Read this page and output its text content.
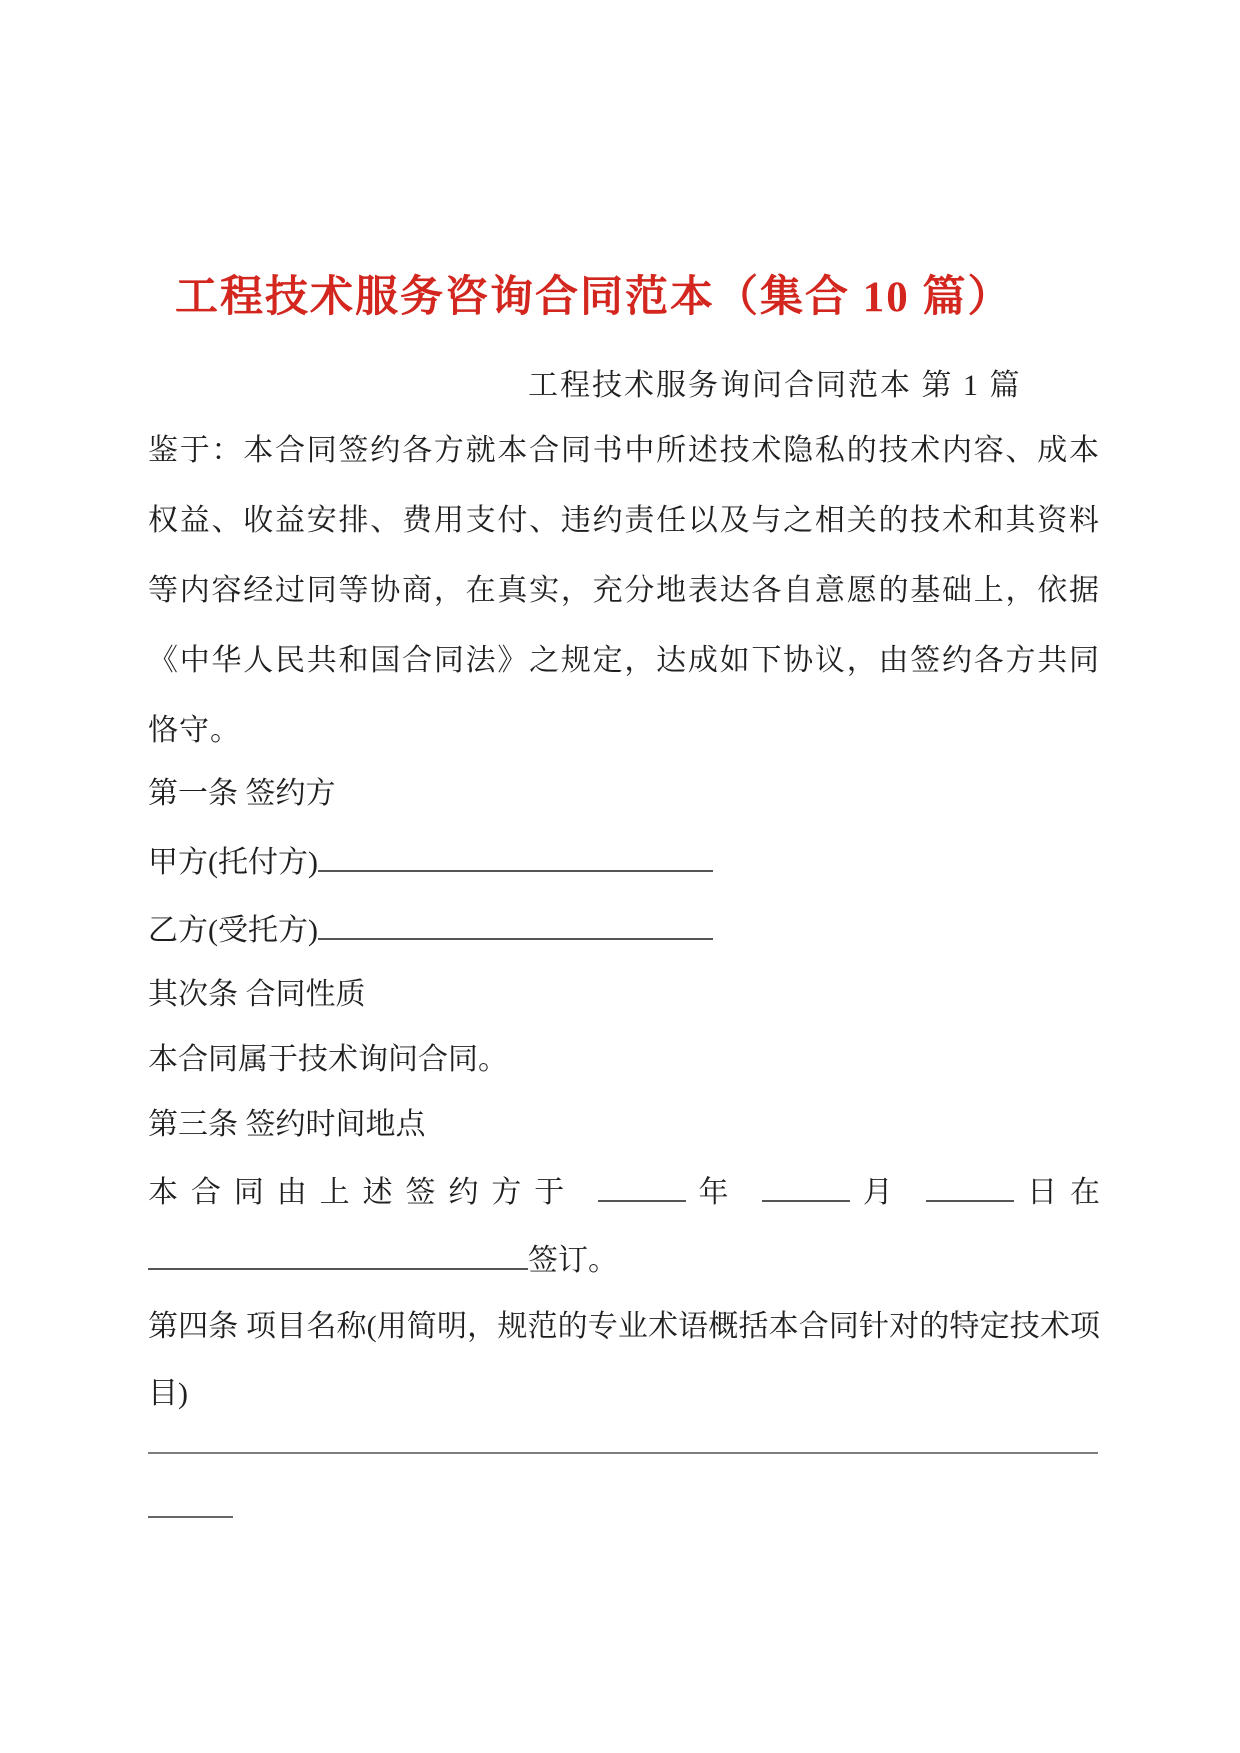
工程技术服务咨询合同范本（集合 10 篇）
工程技术服务询问合同范本 第 1 篇

鉴于：本合同签约各方就本合同书中所述技术隐私的技术内容、成本权益、收益安排、费用支付、违约责任以及与之相关的技术和其资料等内容经过同等协商，在真实，充分地表达各自意愿的基础上，依据《中华人民共和国合同法》之规定，达成如下协议，由签约各方共同恪守。

第一条 签约方

甲方(托付方)

乙方(受托方)

其次条 合同性质

本合同属于技术询问合同。

第三条 签约时间地点

本合同由上述签约方于	年	月	日在

签订。

第四条 项目名称(用简明，规范的专业术语概括本合同针对的特定技术项目)
